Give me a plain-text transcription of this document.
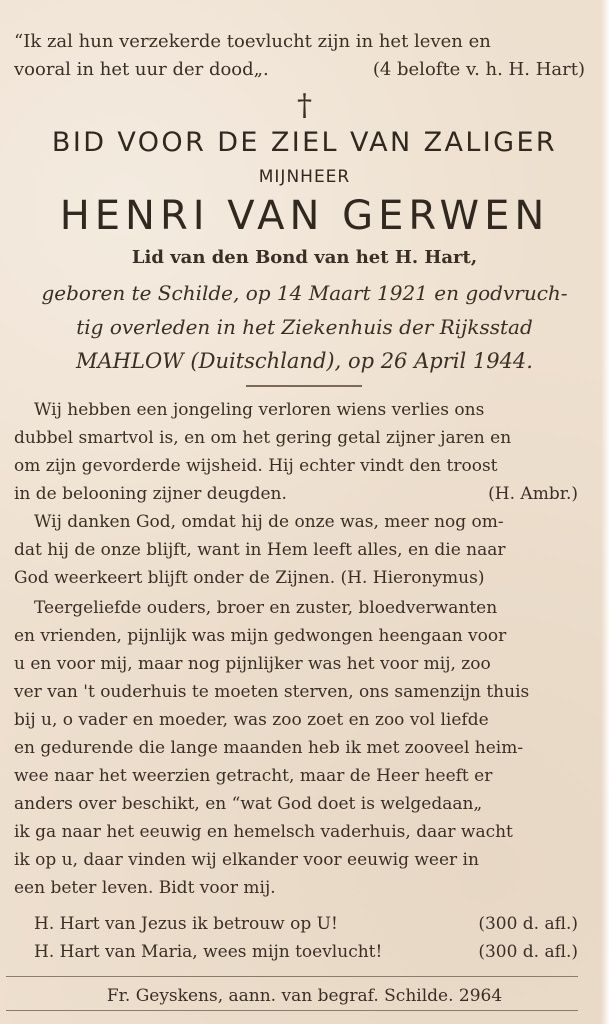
“Ik zal hun verzekerde toevlucht zijn in het leven en
vooral in het uur der dood„.	(4 belofte v. h. H. Hart)
†
BID VOOR DE ZIEL VAN ZALIGER
MIJNHEER
HENRI VAN GERWEN
Lid van den Bond van het H. Hart,
geboren te Schilde, op 14 Maart 1921 en godvruch-
tig overleden in het Ziekenhuis der Rijksstad
MAHLOW (Duitschland), op 26 April 1944.
Wij hebben een jongeling verloren wiens verlies ons
dubbel smartvol is, en om het gering getal zijner jaren en
om zijn gevorderde wijsheid. Hij echter vindt den troost
in de belooning zijner deugden.	(H. Ambr.)
Wij danken God, omdat hij de onze was, meer nog om-
dat hij de onze blijft, want in Hem leeft alles, en die naar
God weerkeert blijft onder de Zijnen. (H. Hieronymus)
Teergeliefde ouders, broer en zuster, bloedverwanten
en vrienden, pijnlijk was mijn gedwongen heengaan voor
u en voor mij, maar nog pijnlijker was het voor mij, zoo
ver van 't ouderhuis te moeten sterven, ons samenzijn thuis
bij u, o vader en moeder, was zoo zoet en zoo vol liefde
en gedurende die lange maanden heb ik met zooveel heim-
wee naar het weerzien getracht, maar de Heer heeft er
anders over beschikt, en “wat God doet is welgedaan„
ik ga naar het eeuwig en hemelsch vaderhuis, daar wacht
ik op u, daar vinden wij elkander voor eeuwig weer in
een beter leven. Bidt voor mij.
H. Hart van Jezus ik betrouw op U!	(300 d. afl.)
H. Hart van Maria, wees mijn toevlucht!	(300 d. afl.)
Fr. Geyskens, aann. van begraf. Schilde. 2964
